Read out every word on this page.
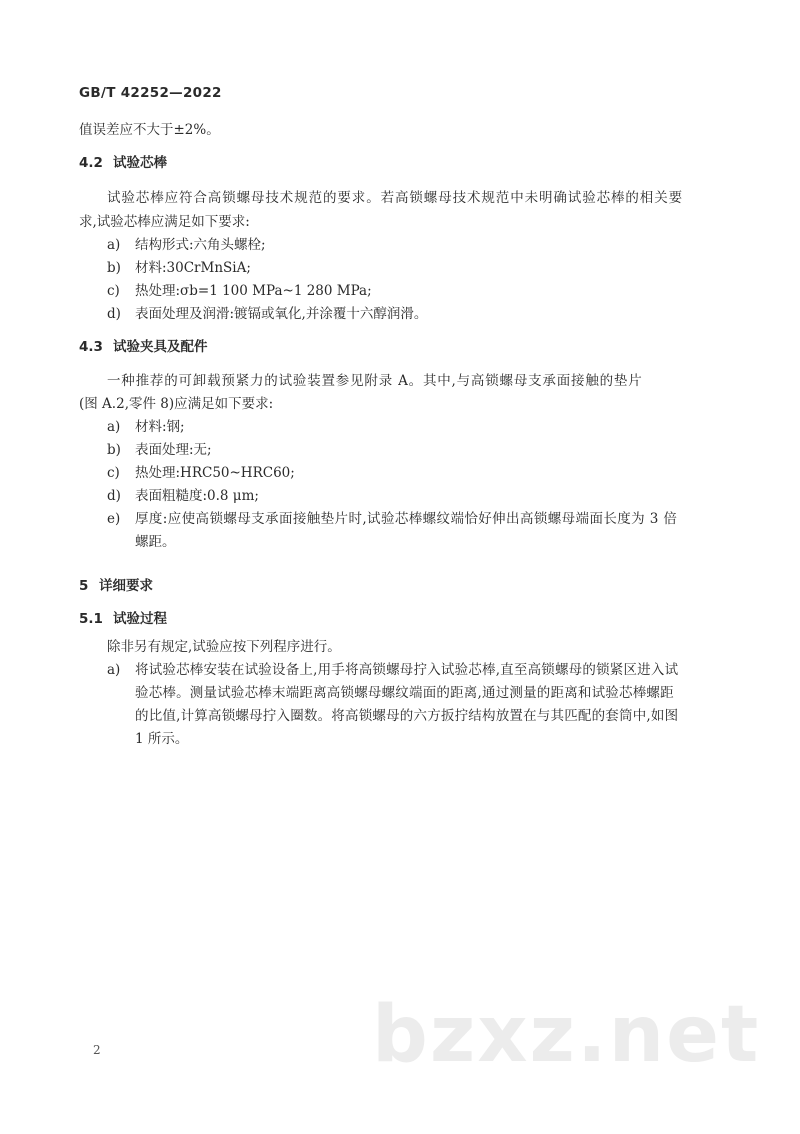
GB/T 42252—2022
值误差应不大于±2%。
4.2 试验芯棒
试验芯棒应符合高锁螺母技术规范的要求。若高锁螺母技术规范中未明确试验芯棒的相关要
求,试验芯棒应满足如下要求:
a) 结构形式:六角头螺栓;
b) 材料:30CrMnSiA;
c) 热处理:σb=1 100 MPa~1 280 MPa;
d) 表面处理及润滑:镀镉或氧化,并涂覆十六醇润滑。
4.3 试验夹具及配件
一种推荐的可卸载预紧力的试验装置参见附录 A。其中,与高锁螺母支承面接触的垫片
(图 A.2,零件 8)应满足如下要求:
a) 材料:钢;
b) 表面处理:无;
c) 热处理:HRC50~HRC60;
d) 表面粗糙度:0.8 μm;
e) 厚度:应使高锁螺母支承面接触垫片时,试验芯棒螺纹端恰好伸出高锁螺母端面长度为 3 倍
螺距。
5 详细要求
5.1 试验过程
除非另有规定,试验应按下列程序进行。
a) 将试验芯棒安装在试验设备上,用手将高锁螺母拧入试验芯棒,直至高锁螺母的锁紧区进入试
验芯棒。测量试验芯棒末端距离高锁螺母螺纹端面的距离,通过测量的距离和试验芯棒螺距
的比值,计算高锁螺母拧入圈数。将高锁螺母的六方扳拧结构放置在与其匹配的套筒中,如图
1 所示。
bzxz.net
2
